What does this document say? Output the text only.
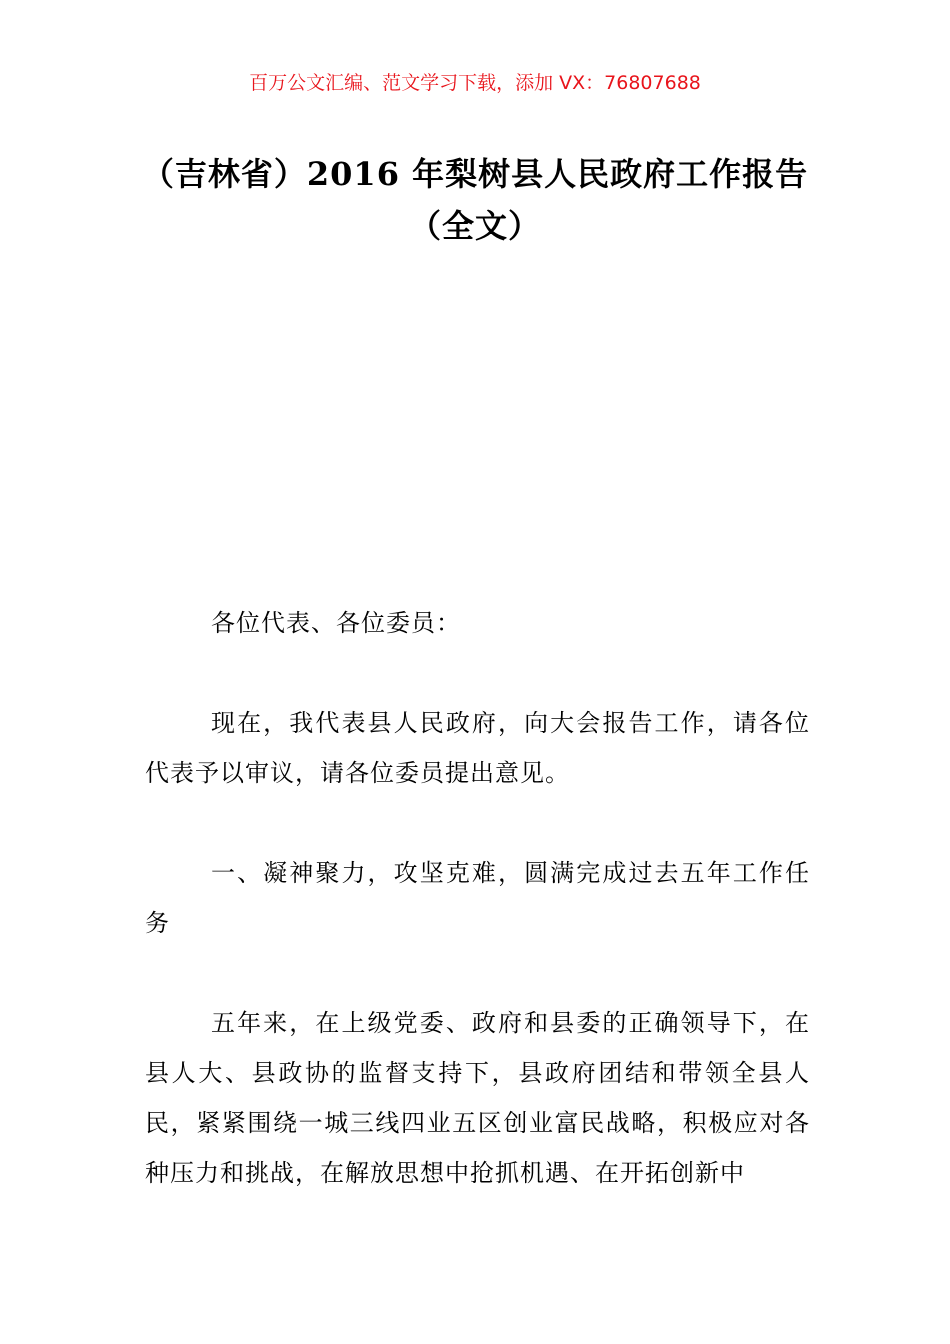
百万公文汇编、范文学习下载，添加 VX：76807688
（吉林省）2016 年梨树县人民政府工作报告（全文）
各位代表、各位委员：
现在，我代表县人民政府，向大会报告工作，请各位代表予以审议，请各位委员提出意见。
一、凝神聚力，攻坚克难，圆满完成过去五年工作任务
五年来，在上级党委、政府和县委的正确领导下，在县人大、县政协的监督支持下，县政府团结和带领全县人民，紧紧围绕一城三线四业五区创业富民战略，积极应对各种压力和挑战，在解放思想中抢抓机遇、在开拓创新中
